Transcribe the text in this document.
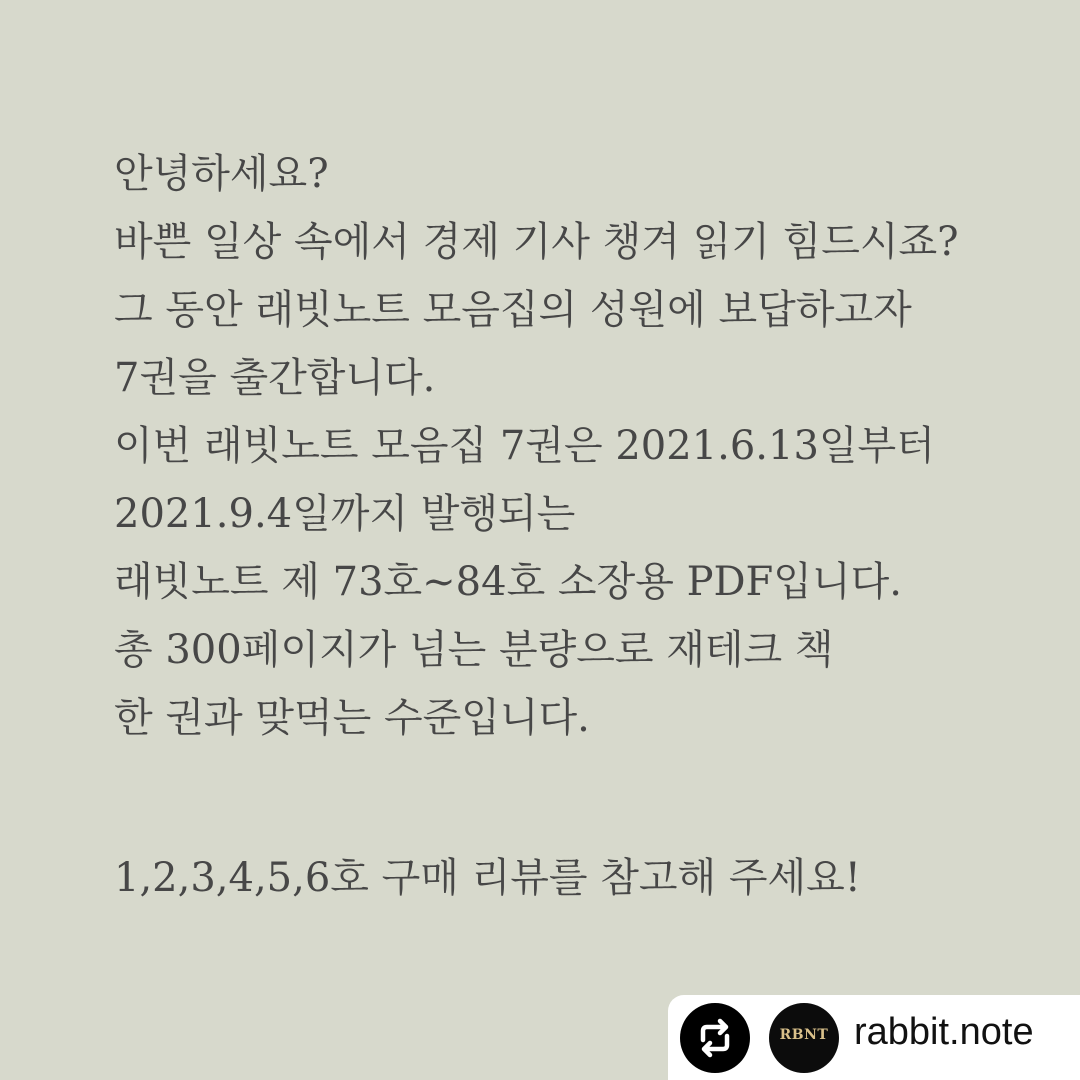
안녕하세요?
바쁜 일상 속에서 경제 기사 챙겨 읽기 힘드시죠?
그 동안 래빗노트 모음집의 성원에 보답하고자
7권을 출간합니다.
이번 래빗노트 모음집 7권은 2021.6.13일부터
2021.9.4일까지 발행되는
래빗노트 제 73호~84호 소장용 PDF입니다.
총 300페이지가 넘는 분량으로 재테크 책
한 권과 맞먹는 수준입니다.
1,2,3,4,5,6호 구매 리뷰를 참고해 주세요!
RBNT rabbit.note
